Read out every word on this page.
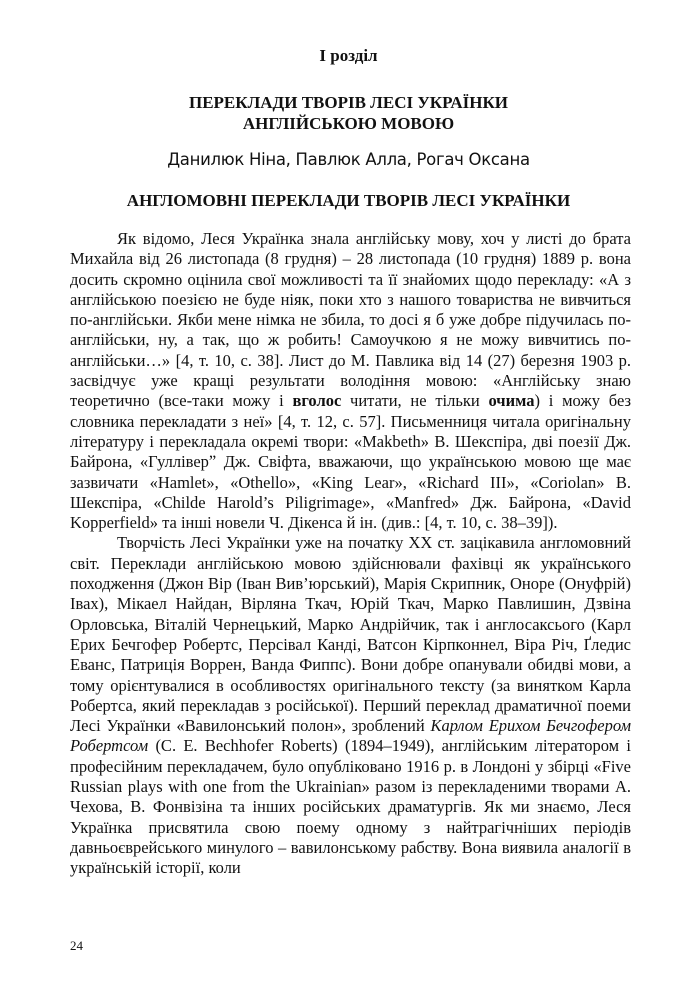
І розділ
ПЕРЕКЛАДИ ТВОРІВ ЛЕСІ УКРАЇНКИ
АНГЛІЙСЬКОЮ МОВОЮ
Данилюк Ніна, Павлюк Алла, Рогач Оксана
АНГЛОМОВНІ ПЕРЕКЛАДИ ТВОРІВ ЛЕСІ УКРАЇНКИ

Як відомо, Леся Українка знала англійську мову, хоч у листі до брата Михайла від 26 листопада (8 грудня) – 28 листопада (10 грудня) 1889 р. вона досить скромно оцінила свої можливості та її знайомих щодо перекладу: «А з англійською поезією не буде ніяк, поки хто з нашого товариства не вивчиться по-англійськи. Якби мене німка не збила, то досі я б уже добре підучилась по-англійськи, ну, а так, що ж робить! Самоучкою я не можу вивчитись по-англійськи…» [4, т. 10, с. 38]. Лист до М. Павлика від 14 (27) березня 1903 р. засвідчує уже кращі результати володіння мовою: «Англійську знаю теоретично (все-таки можу і вголос читати, не тільки очима) і можу без словника перекладати з неї» [4, т. 12, с. 57]. Письменниця читала оригінальну літературу і перекладала окремі твори: «Makbeth» В. Шекспіра, дві поезії Дж. Байрона, «Гулліверˮ Дж. Свіфта, вважаючи, що українською мовою ще має зазвичати «Hamlet», «Othello», «King Lear», «Richard III», «Coriolan» В. Шекспіра, «Childe Harold’s Piligrimage», «Manfred» Дж. Байрона, «David Kopperfield» та інші новели Ч. Дікенса й ін. (див.: [4, т. 10, с. 38–39]).

Творчість Лесі Українки уже на початку ХХ ст. зацікавила англомовний світ. Переклади англійською мовою здійснювали фахівці як українського походження (Джон Вір (Іван Вив’юрський), Марія Скрипник, Оноре (Онуфрій) Івах), Мікаел Найдан, Вірляна Ткач, Юрій Ткач, Марко Павлишин, Дзвіна Орловська, Віталій Чернецький, Марко Андрійчик, так і англосаксього (Карл Ерих Бечгофер Робертс, Персівал Канді, Ватсон Кірпконнел, Віра Річ, Ґледис Еванс, Патриція Воррен, Ванда Фиппс). Вони добре опанували обидві мови, а тому орієнтувалися в особливостях оригінального тексту (за винятком Карла Робертса, який перекладав з російської). Перший переклад драматичної поеми Лесі Українки «Вавилонський полон», зроблений Карлом Ерихом Бечгофером Робертсом (C. E. Bechhofer Roberts) (1894–1949), англійським літератором і професійним перекладачем, було опубліковано 1916 р. в Лондоні у збірці «Five Russian plays with one from the Ukrainian» разом із перекладеними творами А. Чехова, В. Фонвізіна та інших російських драматургів. Як ми знаємо, Леся Українка присвятила свою поему одному з найтрагічніших періодів давньоєврейського минулого – вавилонському рабству. Вона виявила аналогії в українській історії, коли

24
